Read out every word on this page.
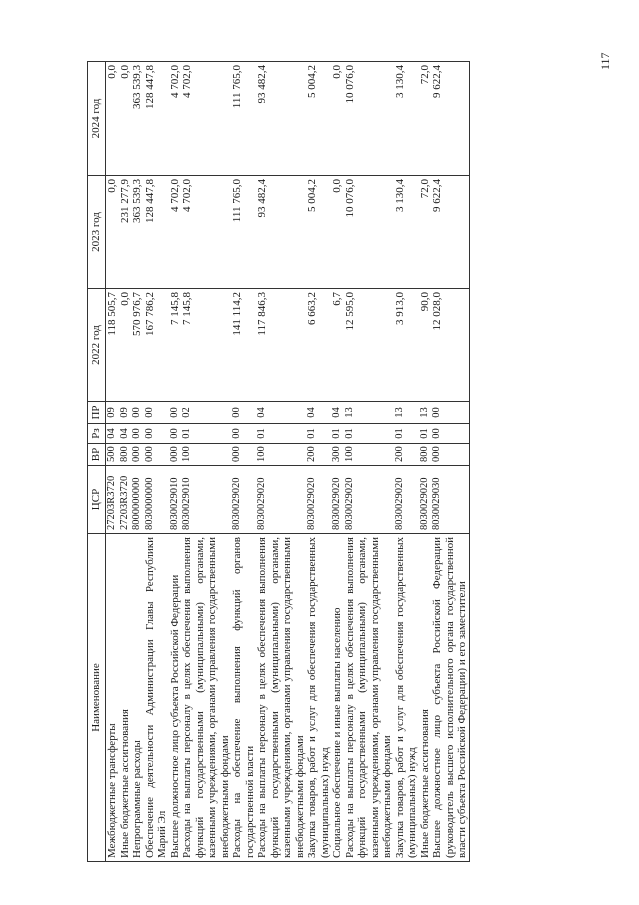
117
Наименование	ЦСР	ВР	Рз	ПР	2022 год	2023 год	2024 год
Межбюджетные трансферты	27203R3720	500	04	09	118 505,7	0,0	0,0
Иные бюджетные ассигнования	27203R3720	800	04	09	0,0	231 277,9	0,0
Непрограммные расходы	8000000000	000	00	00	570 976,7	363 539,3	363 539,3
Обеспечение деятельности Администрации Главы Республики Марий Эл	8030000000	000	00	00	167 786,2	128 447,8	128 447,8
Высшее должностное лицо субъекта Российской Федерации	8030029010	000	00	00	7 145,8	4 702,0	4 702,0
Расходы на выплаты персоналу в целях обеспечения выполнения функций государственными (муниципальными) органами, казенными учреждениями, органами управления государственными внебюджетными фондами	8030029010	100	01	02	7 145,8	4 702,0	4 702,0
Расходы на обеспечение выполнения функций органов государственной власти	8030029020	000	00	00	141 114,2	111 765,0	111 765,0
Расходы на выплаты персоналу в целях обеспечения выполнения функций государственными (муниципальными) органами, казенными учреждениями, органами управления государственными внебюджетными фондами	8030029020	100	01	04	117 846,3	93 482,4	93 482,4
Закупка товаров, работ и услуг для обеспечения государственных (муниципальных) нужд	8030029020	200	01	04	6 663,2	5 004,2	5 004,2
Социальное обеспечение и иные выплаты населению	8030029020	300	01	04	6,7	0,0	0,0
Расходы на выплаты персоналу в целях обеспечения выполнения функций государственными (муниципальными) органами, казенными учреждениями, органами управления государственными внебюджетными фондами	8030029020	100	01	13	12 595,0	10 076,0	10 076,0
Закупка товаров, работ и услуг для обеспечения государственных (муниципальных) нужд	8030029020	200	01	13	3 913,0	3 130,4	3 130,4
Иные бюджетные ассигнования	8030029020	800	01	13	90,0	72,0	72,0
Высшее должностное лицо субъекта Российской Федерации (руководитель высшего исполнительного органа государственной власти субъекта Российской Федерации) и его заместители	8030029030	000	00	00	12 028,0	9 622,4	9 622,4
